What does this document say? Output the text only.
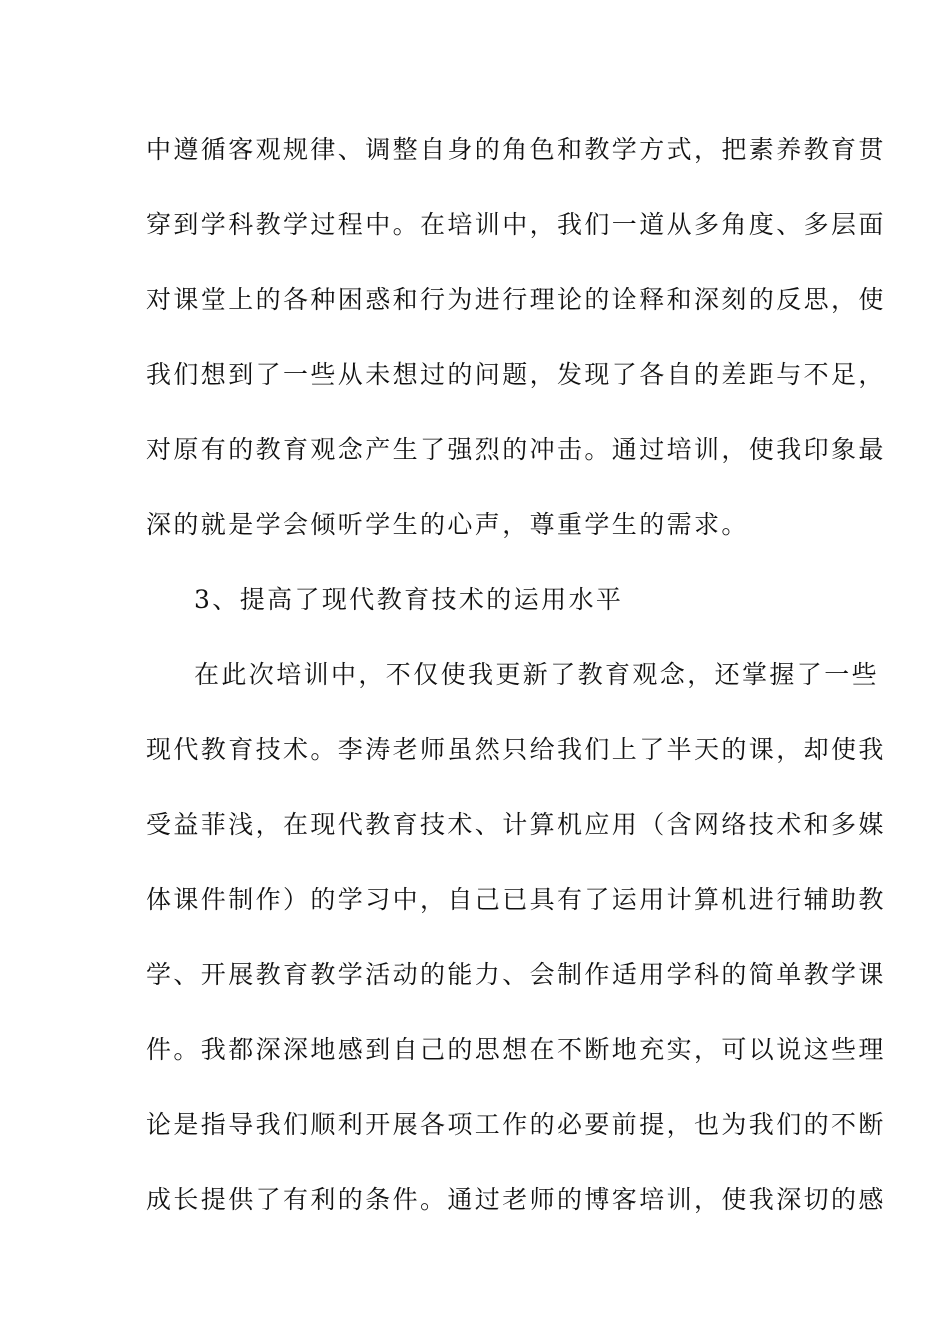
中遵循客观规律、调整自身的角色和教学方式，把素养教育贯
穿到学科教学过程中。在培训中，我们一道从多角度、多层面
对课堂上的各种困惑和行为进行理论的诠释和深刻的反思，使
我们想到了一些从未想过的问题，发现了各自的差距与不足，
对原有的教育观念产生了强烈的冲击。通过培训，使我印象最
深的就是学会倾听学生的心声，尊重学生的需求。
3、提高了现代教育技术的运用水平
在此次培训中，不仅使我更新了教育观念，还掌握了一些
现代教育技术。李涛老师虽然只给我们上了半天的课，却使我
受益菲浅，在现代教育技术、计算机应用（含网络技术和多媒
体课件制作）的学习中，自己已具有了运用计算机进行辅助教
学、开展教育教学活动的能力、会制作适用学科的简单教学课
件。我都深深地感到自己的思想在不断地充实，可以说这些理
论是指导我们顺利开展各项工作的必要前提，也为我们的不断
成长提供了有利的条件。通过老师的博客培训，使我深切的感
